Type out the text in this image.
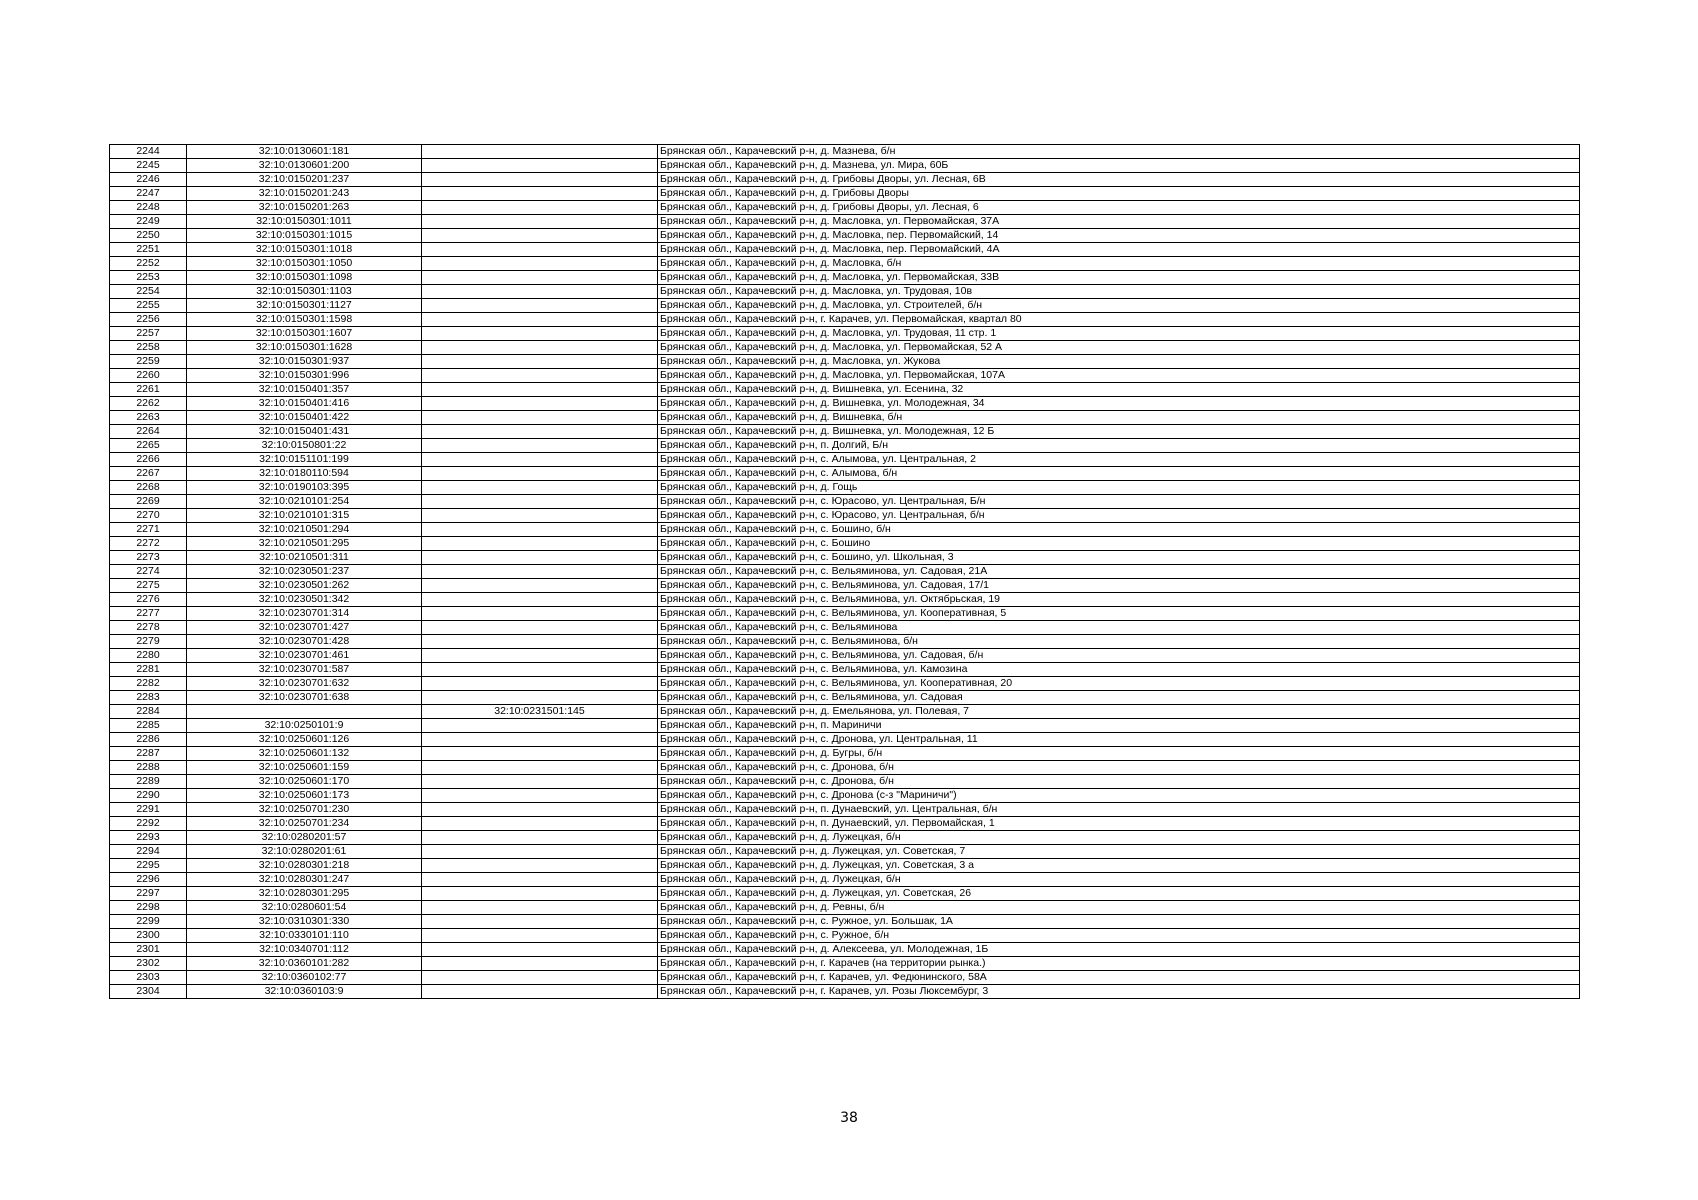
2244	32:10:0130601:181		Брянская обл., Карачевский р-н, д. Мазнева, б/н
2245	32:10:0130601:200		Брянская обл., Карачевский р-н, д. Мазнева, ул. Мира, 60Б
2246	32:10:0150201:237		Брянская обл., Карачевский р-н, д. Грибовы Дворы, ул. Лесная, 6В
2247	32:10:0150201:243		Брянская обл., Карачевский р-н, д. Грибовы Дворы
2248	32:10:0150201:263		Брянская обл., Карачевский р-н, д. Грибовы Дворы, ул. Лесная, 6
2249	32:10:0150301:1011		Брянская обл., Карачевский р-н, д. Масловка, ул. Первомайская, 37А
2250	32:10:0150301:1015		Брянская обл., Карачевский р-н, д. Масловка, пер. Первомайский, 14
2251	32:10:0150301:1018		Брянская обл., Карачевский р-н, д. Масловка, пер. Первомайский, 4А
2252	32:10:0150301:1050		Брянская обл., Карачевский р-н, д. Масловка, б/н
2253	32:10:0150301:1098		Брянская обл., Карачевский р-н, д. Масловка, ул. Первомайская, 33В
2254	32:10:0150301:1103		Брянская обл., Карачевский р-н, д. Масловка, ул. Трудовая, 10в
2255	32:10:0150301:1127		Брянская обл., Карачевский р-н, д. Масловка, ул. Строителей, б/н
2256	32:10:0150301:1598		Брянская обл., Карачевский р-н, г. Карачев, ул. Первомайская, квартал 80
2257	32:10:0150301:1607		Брянская обл., Карачевский р-н, д. Масловка, ул. Трудовая, 11 стр. 1
2258	32:10:0150301:1628		Брянская обл., Карачевский р-н, д. Масловка, ул. Первомайская, 52 А
2259	32:10:0150301:937		Брянская обл., Карачевский р-н, д. Масловка, ул. Жукова
2260	32:10:0150301:996		Брянская обл., Карачевский р-н, д. Масловка, ул. Первомайская, 107А
2261	32:10:0150401:357		Брянская обл., Карачевский р-н, д. Вишневка, ул. Есенина, 32
2262	32:10:0150401:416		Брянская обл., Карачевский р-н, д. Вишневка, ул. Молодежная, 34
2263	32:10:0150401:422		Брянская обл., Карачевский р-н, д. Вишневка, б/н
2264	32:10:0150401:431		Брянская обл., Карачевский р-н, д. Вишневка, ул. Молодежная, 12 Б
2265	32:10:0150801:22		Брянская обл., Карачевский р-н, п. Долгий, Б/н
2266	32:10:0151101:199		Брянская обл., Карачевский р-н, с. Алымова, ул. Центральная, 2
2267	32:10:0180110:594		Брянская обл., Карачевский р-н, с. Алымова, б/н
2268	32:10:0190103:395		Брянская обл., Карачевский р-н, д. Гощь
2269	32:10:0210101:254		Брянская обл., Карачевский р-н, с. Юрасово, ул. Центральная, Б/н
2270	32:10:0210101:315		Брянская обл., Карачевский р-н, с. Юрасово, ул. Центральная, б/н
2271	32:10:0210501:294		Брянская обл., Карачевский р-н, с. Бошино, б/н
2272	32:10:0210501:295		Брянская обл., Карачевский р-н, с. Бошино
2273	32:10:0210501:311		Брянская обл., Карачевский р-н, с. Бошино, ул. Школьная, 3
2274	32:10:0230501:237		Брянская обл., Карачевский р-н, с. Вельяминова, ул. Садовая, 21А
2275	32:10:0230501:262		Брянская обл., Карачевский р-н, с. Вельяминова, ул. Садовая, 17/1
2276	32:10:0230501:342		Брянская обл., Карачевский р-н, с. Вельяминова, ул. Октябрьская, 19
2277	32:10:0230701:314		Брянская обл., Карачевский р-н, с. Вельяминова, ул. Кооперативная, 5
2278	32:10:0230701:427		Брянская обл., Карачевский р-н, с. Вельяминова
2279	32:10:0230701:428		Брянская обл., Карачевский р-н, с. Вельяминова, б/н
2280	32:10:0230701:461		Брянская обл., Карачевский р-н, с. Вельяминова, ул. Садовая, б/н
2281	32:10:0230701:587		Брянская обл., Карачевский р-н, с. Вельяминова, ул. Камозина
2282	32:10:0230701:632		Брянская обл., Карачевский р-н, с. Вельяминова, ул. Кооперативная, 20
2283	32:10:0230701:638		Брянская обл., Карачевский р-н, с. Вельяминова, ул. Садовая
2284		32:10:0231501:145	Брянская обл., Карачевский р-н, д. Емельянова, ул. Полевая, 7
2285	32:10:0250101:9		Брянская обл., Карачевский р-н, п. Мариничи
2286	32:10:0250601:126		Брянская обл., Карачевский р-н, с. Дронова, ул. Центральная, 11
2287	32:10:0250601:132		Брянская обл., Карачевский р-н, д. Бугры, б/н
2288	32:10:0250601:159		Брянская обл., Карачевский р-н, с. Дронова, б/н
2289	32:10:0250601:170		Брянская обл., Карачевский р-н, с. Дронова, б/н
2290	32:10:0250601:173		Брянская обл., Карачевский р-н, с. Дронова (с-з "Мариничи")
2291	32:10:0250701:230		Брянская обл., Карачевский р-н, п. Дунаевский, ул. Центральная, б/н
2292	32:10:0250701:234		Брянская обл., Карачевский р-н, п. Дунаевский, ул. Первомайская, 1
2293	32:10:0280201:57		Брянская обл., Карачевский р-н, д. Лужецкая, б/н
2294	32:10:0280201:61		Брянская обл., Карачевский р-н, д. Лужецкая, ул. Советская, 7
2295	32:10:0280301:218		Брянская обл., Карачевский р-н, д. Лужецкая, ул. Советская, 3 а
2296	32:10:0280301:247		Брянская обл., Карачевский р-н, д. Лужецкая, б/н
2297	32:10:0280301:295		Брянская обл., Карачевский р-н, д. Лужецкая, ул. Советская, 26
2298	32:10:0280601:54		Брянская обл., Карачевский р-н, д. Ревны, б/н
2299	32:10:0310301:330		Брянская обл., Карачевский р-н, с. Ружное, ул. Большак, 1А
2300	32:10:0330101:110		Брянская обл., Карачевский р-н, с. Ружное, б/н
2301	32:10:0340701:112		Брянская обл., Карачевский р-н, д. Алексеева, ул. Молодежная, 1Б
2302	32:10:0360101:282		Брянская обл., Карачевский р-н, г. Карачев (на территории рынка.)
2303	32:10:0360102:77		Брянская обл., Карачевский р-н, г. Карачев, ул. Федюнинского, 58А
2304	32:10:0360103:9		Брянская обл., Карачевский р-н, г. Карачев, ул. Розы Люксембург, 3
38
